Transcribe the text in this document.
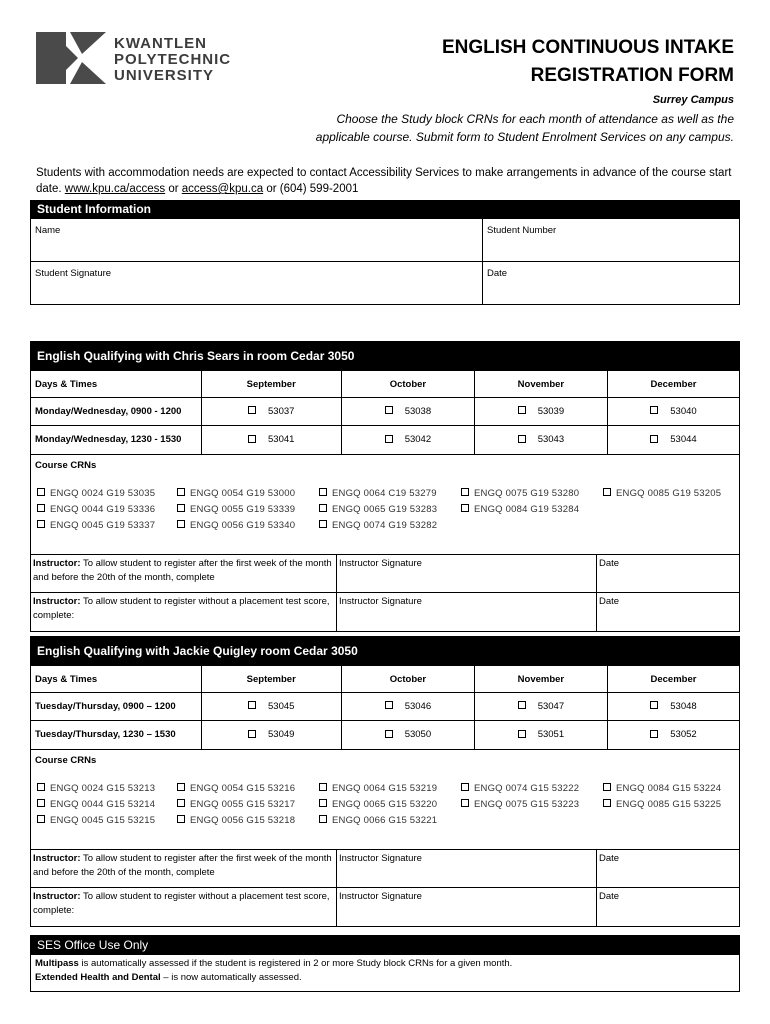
KWANTLEN
POLYTECHNIC
UNIVERSITY
ENGLISH CONTINUOUS INTAKE
REGISTRATION FORM
Surrey Campus
Choose the Study block CRNs for each month of attendance as well as the
applicable course. Submit form to Student Enrolment Services on any campus.
Students with accommodation needs are expected to contact Accessibility Services to make arrangements in advance of the course start date. www.kpu.ca/access or access@kpu.ca or (604) 599-2001
Student Information
Name	Student Number
Student Signature	Date
English Qualifying with Chris Sears in room Cedar 3050
Days & Times	September	October	November	December
Monday/Wednesday, 0900 - 1200	53037	53038	53039	53040
Monday/Wednesday, 1230 - 1530	53041	53042	53043	53044
Course CRNs
ENGQ 0024 G19 53035	ENGQ 0054 G19 53000	ENGQ 0064 C19 53279	ENGQ 0075 G19 53280	ENGQ 0085 G19 53205
ENGQ 0044 G19 53336	ENGQ 0055 G19 53339	ENGQ 0065 G19 53283	ENGQ 0084 G19 53284
ENGQ 0045 G19 53337	ENGQ 0056 G19 53340	ENGQ 0074 G19 53282
Instructor: To allow student to register after the first week of the month and before the 20th of the month, complete
Instructor Signature	Date
Instructor: To allow student to register without a placement test score, complete:
Instructor Signature	Date
English Qualifying with Jackie Quigley room Cedar 3050
Days & Times	September	October	November	December
Tuesday/Thursday, 0900 – 1200	53045	53046	53047	53048
Tuesday/Thursday, 1230 – 1530	53049	53050	53051	53052
Course CRNs
ENGQ 0024 G15 53213	ENGQ 0054 G15 53216	ENGQ 0064 G15 53219	ENGQ 0074 G15 53222	ENGQ 0084 G15 53224
ENGQ 0044 G15 53214	ENGQ 0055 G15 53217	ENGQ 0065 G15 53220	ENGQ 0075 G15 53223	ENGQ 0085 G15 53225
ENGQ 0045 G15 53215	ENGQ 0056 G15 53218	ENGQ 0066 G15 53221
Instructor: To allow student to register after the first week of the month and before the 20th of the month, complete
Instructor Signature	Date
Instructor: To allow student to register without a placement test score, complete:
Instructor Signature	Date
SES Office Use Only
Multipass is automatically assessed if the student is registered in 2 or more Study block CRNs for a given month.
Extended Health and Dental – is now automatically assessed.
